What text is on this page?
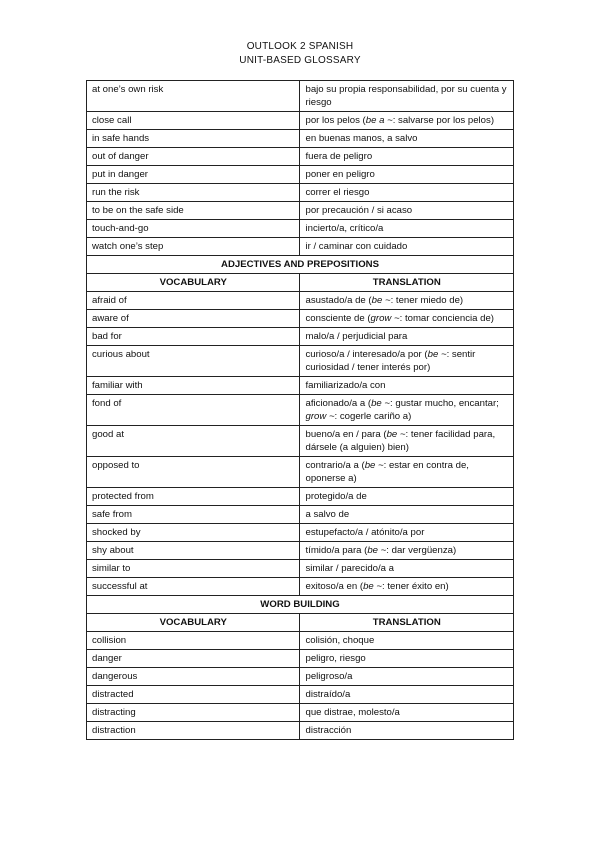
OUTLOOK 2 SPANISH
UNIT-BASED GLOSSARY
at one’s own risk	bajo su propia responsabilidad, por su cuenta y riesgo
close call	por los pelos (be a ~: salvarse por los pelos)
in safe hands	en buenas manos, a salvo
out of danger	fuera de peligro
put in danger	poner en peligro
run the risk	correr el riesgo
to be on the safe side	por precaución / si acaso
touch-and-go	incierto/a, crítico/a
watch one’s step	ir / caminar con cuidado
ADJECTIVES AND PREPOSITIONS	
VOCABULARY	TRANSLATION
afraid of	asustado/a de (be ~: tener miedo de)
aware of	consciente de (grow ~: tomar conciencia de)
bad for	malo/a / perjudicial para
curious about	curioso/a / interesado/a por (be ~: sentir curiosidad / tener interés por)
familiar with	familiarizado/a con
fond of	aficionado/a a (be ~: gustar mucho, encantar; grow ~: cogerle cariño a)
good at	bueno/a en / para (be ~: tener facilidad para, dársele (a alguien) bien)
opposed to	contrario/a a (be ~: estar en contra de, oponerse a)
protected from	protegido/a de
safe from	a salvo de
shocked by	estupefacto/a / atónito/a por
shy about	tímido/a para (be ~: dar vergüenza)
similar to	similar / parecido/a a
successful at	exitoso/a en (be ~: tener éxito en)
WORD BUILDING	
VOCABULARY	TRANSLATION
collision	colisión, choque
danger	peligro, riesgo
dangerous	peligroso/a
distracted	distraído/a
distracting	que distrae, molesto/a
distraction	distracción
